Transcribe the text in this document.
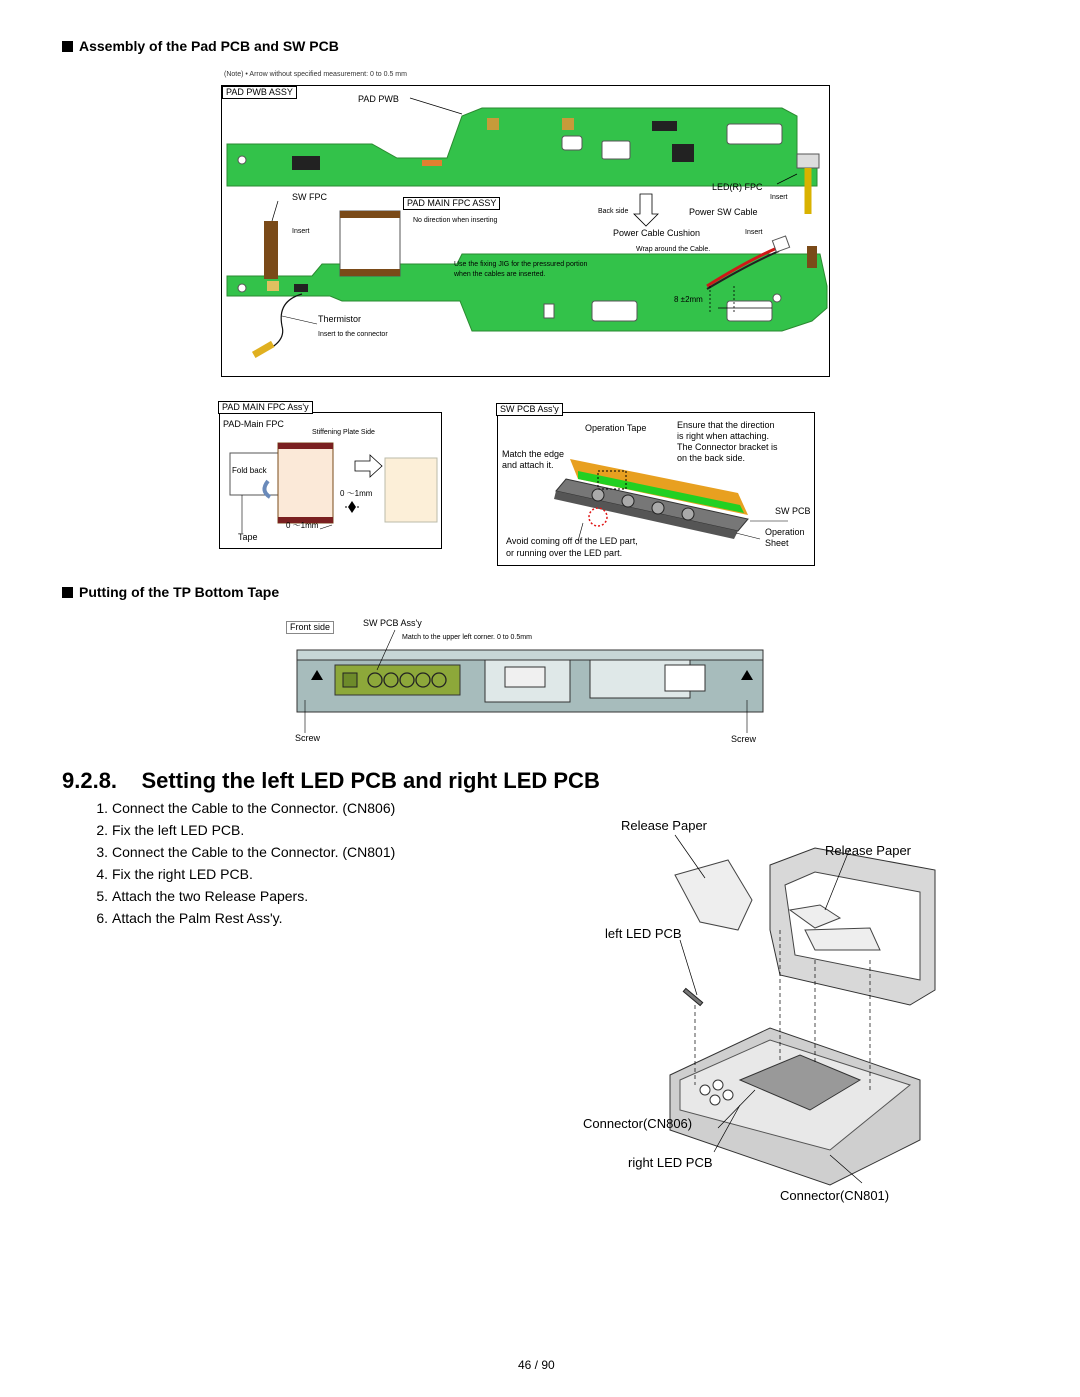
Assembly of the Pad PCB and SW PCB
(Note) • Arrow without specified measurement: 0 to 0.5 mm
PAD PWB ASSY
PAD PWB
LED(R) FPC
Insert
SW FPC
PAD MAIN FPC ASSY
No direction when inserting
Insert
Back side	Power SW Cable
Power Cable Cushion	Insert
Wrap around the Cable.
Use the fixing JIG for the pressured portion
when the cables are inserted.
8 ±2mm
Thermistor
Insert to the connector
PAD MAIN FPC Ass'y
PAD-Main FPC
Stiffening Plate Side
Fold back
0 〜1mm
0 〜1mm
Tape
SW PCB Ass'y
Operation Tape	Ensure that the direction
is right when attaching.
The Connector bracket is
on the back side.
Match the edge
and attach it.
SW PCB
Operation
Sheet
Avoid coming off of the LED part,
or running over the LED part.
Putting of the TP Bottom Tape
Front side	SW PCB Ass'y
Match to the upper left corner. 0 to 0.5mm
Screw	Screw
9.2.8.    Setting the left LED PCB and right LED PCB
1. Connect the Cable to the Connector. (CN806)
2. Fix the left LED PCB.
3. Connect the Cable to the Connector. (CN801)
4. Fix the right LED PCB.
5. Attach the two Release Papers.
6. Attach the Palm Rest Ass'y.
Release Paper
Release Paper
left LED PCB
Connector(CN806)
right LED PCB
Connector(CN801)
46 / 90
